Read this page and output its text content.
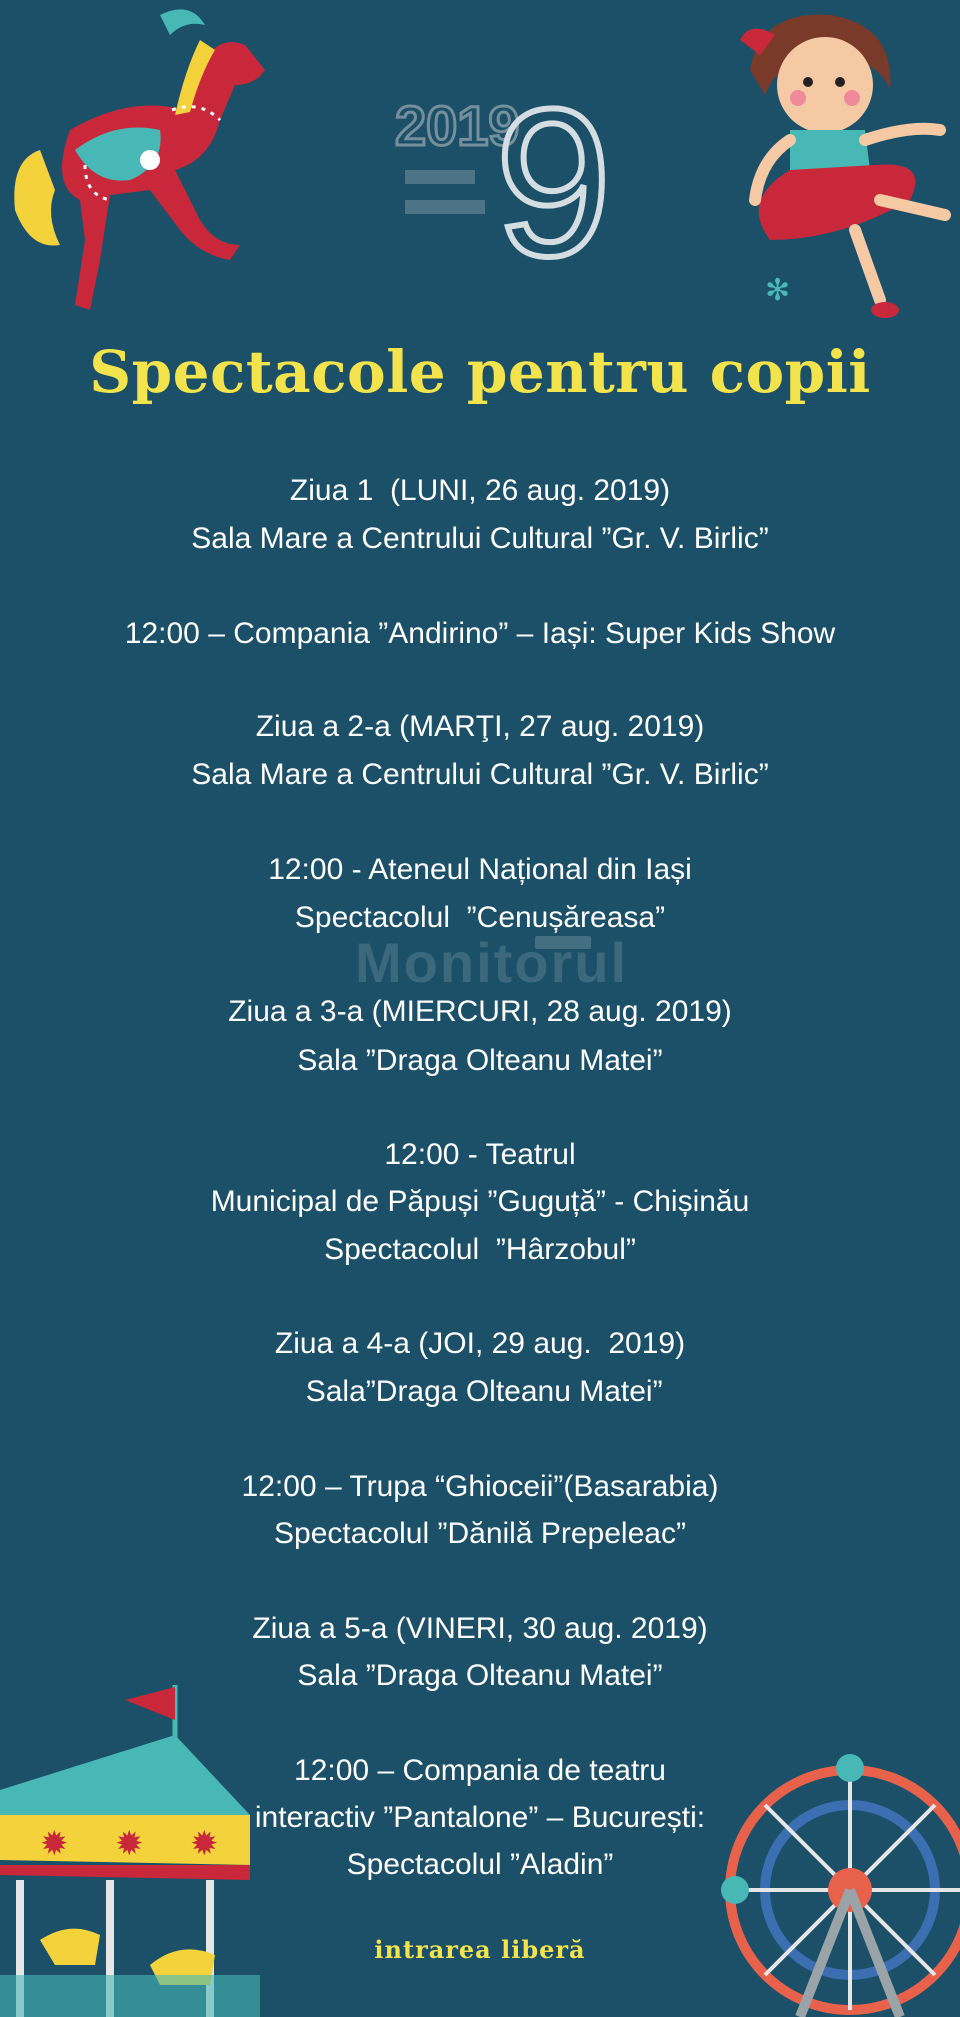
2019
9	✻
Spectacole pentru copii
Monitorul
Ziua 1  (LUNI, 26 aug. 2019)
Sala Mare a Centrului Cultural ”Gr. V. Birlic”
12:00 – Compania ”Andirino” – Iași: Super Kids Show
Ziua a 2-a (MARŢI, 27 aug. 2019)
Sala Mare a Centrului Cultural ”Gr. V. Birlic”
12:00 - Ateneul Național din Iași
Spectacolul  ”Cenușăreasa”
Ziua a 3-a (MIERCURI, 28 aug. 2019)
Sala ”Draga Olteanu Matei”
12:00 - Teatrul
Municipal de Păpuși ”Guguță” - Chișinău
Spectacolul  ”Hârzobul”
Ziua a 4-a (JOI, 29 aug.  2019)
Sala”Draga Olteanu Matei”
12:00 – Trupa “Ghioceii”(Basarabia)
Spectacolul ”Dănilă Prepeleac”
Ziua a 5-a (VINERI, 30 aug. 2019)
Sala ”Draga Olteanu Matei”
12:00 – Compania de teatru
interactiv ”Pantalone” – București:
Spectacolul ”Aladin”
✹ ✹ ✹
intrarea liberă
